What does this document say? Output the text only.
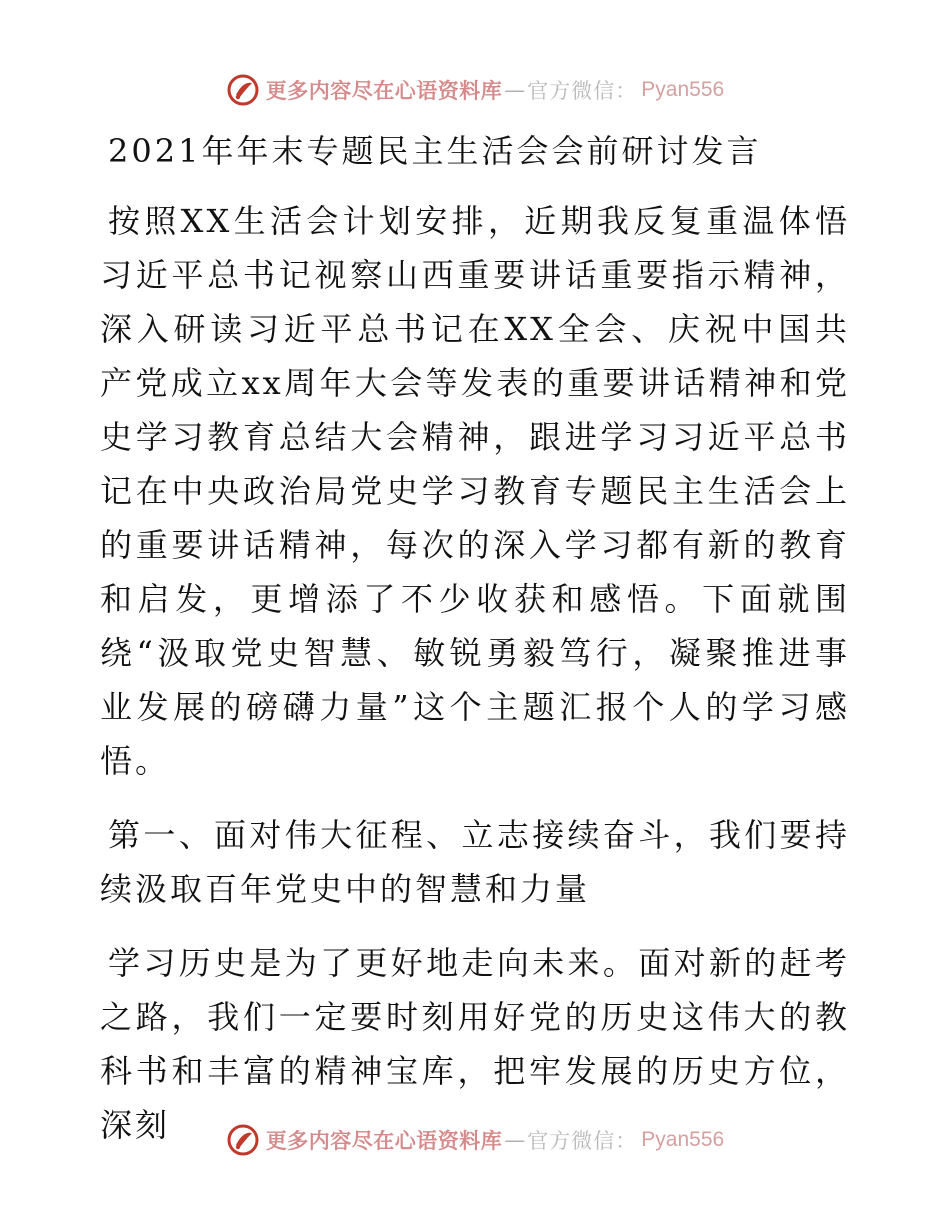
更多内容尽在心语资料库 — 官方微信： Pyan556

2021年年末专题民主生活会会前研讨发言

按照XX生活会计划安排，近期我反复重温体悟习近平总书记视察山西重要讲话重要指示精神，深入研读习近平总书记在XX全会、庆祝中国共产党成立xx周年大会等发表的重要讲话精神和党史学习教育总结大会精神，跟进学习习近平总书记在中央政治局党史学习教育专题民主生活会上的重要讲话精神，每次的深入学习都有新的教育和启发，更增添了不少收获和感悟。下面就围绕“汲取党史智慧、敏锐勇毅笃行，凝聚推进事业发展的磅礴力量”这个主题汇报个人的学习感悟。

第一、面对伟大征程、立志接续奋斗，我们要持续汲取百年党史中的智慧和力量

学习历史是为了更好地走向未来。面对新的赶考之路，我们一定要时刻用好党的历史这伟大的教科书和丰富的精神宝库，把牢发展的历史方位，深刻	更多内容尽在心语资料库 — 官方微信： Pyan556
